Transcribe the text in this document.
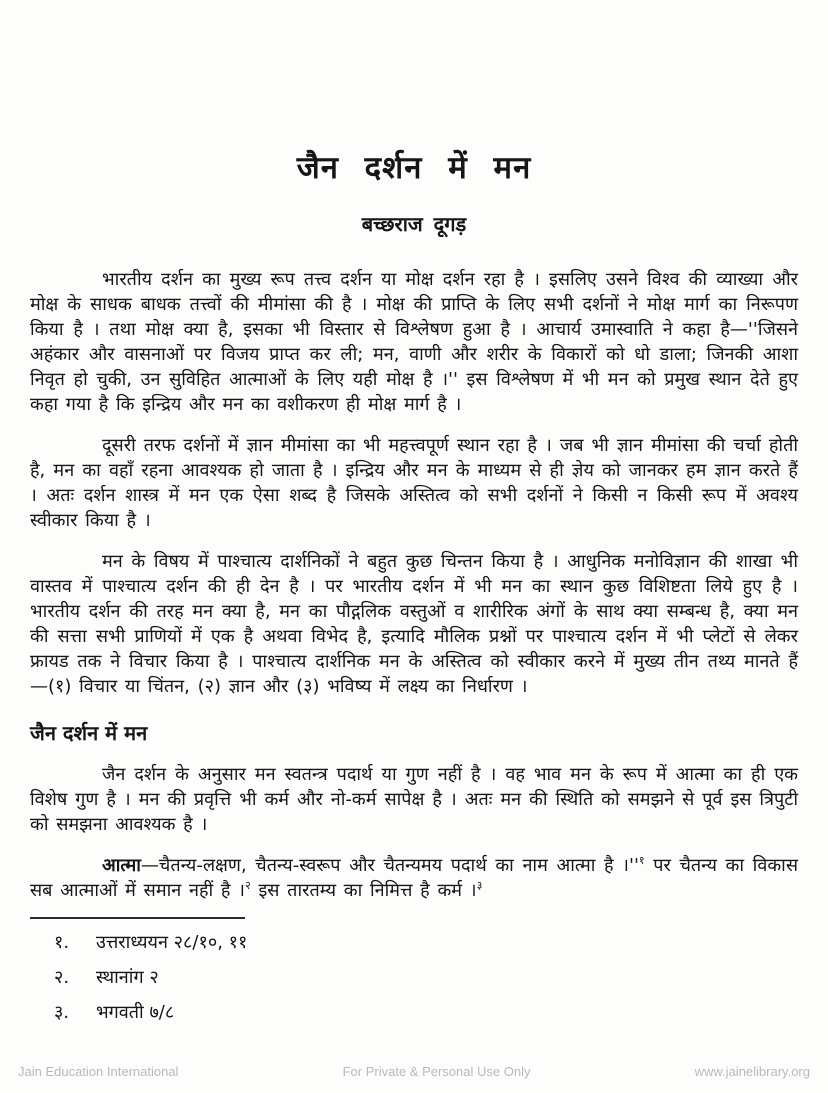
जैन दर्शन में मन
बच्छराज दूगड़

भारतीय दर्शन का मुख्य रूप तत्त्व दर्शन या मोक्ष दर्शन रहा है । इसलिए उसने विश्व की व्याख्या और मोक्ष के साधक बाधक तत्त्वों की मीमांसा की है । मोक्ष की प्राप्ति के लिए सभी दर्शनों ने मोक्ष मार्ग का निरूपण किया है । तथा मोक्ष क्या है, इसका भी विस्तार से विश्लेषण हुआ है । आचार्य उमास्वाति ने कहा है—''जिसने अहंकार और वासनाओं पर विजय प्राप्त कर ली; मन, वाणी और शरीर के विकारों को धो डाला; जिनकी आशा निवृत हो चुकी, उन सुविहित आत्माओं के लिए यही मोक्ष है ।'' इस विश्लेषण में भी मन को प्रमुख स्थान देते हुए कहा गया है कि इन्द्रिय और मन का वशीकरण ही मोक्ष मार्ग है ।

दूसरी तरफ दर्शनों में ज्ञान मीमांसा का भी महत्त्वपूर्ण स्थान रहा है । जब भी ज्ञान मीमांसा की चर्चा होती है, मन का वहाँ रहना आवश्यक हो जाता है । इन्द्रिय और मन के माध्यम से ही ज्ञेय को जानकर हम ज्ञान करते हैं । अतः दर्शन शास्त्र में मन एक ऐसा शब्द है जिसके अस्तित्व को सभी दर्शनों ने किसी न किसी रूप में अवश्य स्वीकार किया है ।

मन के विषय में पाश्चात्य दार्शनिकों ने बहुत कुछ चिन्तन किया है । आधुनिक मनोविज्ञान की शाखा भी वास्तव में पाश्चात्य दर्शन की ही देन है । पर भारतीय दर्शन में भी मन का स्थान कुछ विशिष्टता लिये हुए है । भारतीय दर्शन की तरह मन क्या है, मन का पौद्गलिक वस्तुओं व शारीरिक अंगों के साथ क्या सम्बन्ध है, क्या मन की सत्ता सभी प्राणियों में एक है अथवा विभेद है, इत्यादि मौलिक प्रश्नों पर पाश्चात्य दर्शन में भी प्लेटों से लेकर फ्रायड तक ने विचार किया है । पाश्चात्य दार्शनिक मन के अस्तित्व को स्वीकार करने में मुख्य तीन तथ्य मानते हैं —(१) विचार या चिंतन, (२) ज्ञान और (३) भविष्य में लक्ष्य का निर्धारण ।

जैन दर्शन में मन

जैन दर्शन के अनुसार मन स्वतन्त्र पदार्थ या गुण नहीं है । वह भाव मन के रूप में आत्मा का ही एक विशेष गुण है । मन की प्रवृत्ति भी कर्म और नो-कर्म सापेक्ष है । अतः मन की स्थिति को समझने से पूर्व इस त्रिपुटी को समझना आवश्यक है ।

आत्मा—चैतन्य-लक्षण, चैतन्य-स्वरूप और चैतन्यमय पदार्थ का नाम आत्मा है ।''$^१$ पर चैतन्य का विकास सब आत्माओं में समान नहीं है ।$^२$ इस तारतम्य का निमित्त है कर्म ।$^३$

१.	उत्तराध्ययन २८/१०, ११
२.	स्थानांग २
३.	भगवती ७/८
Jain Education International	For Private & Personal Use Only	www.jainelibrary.org
